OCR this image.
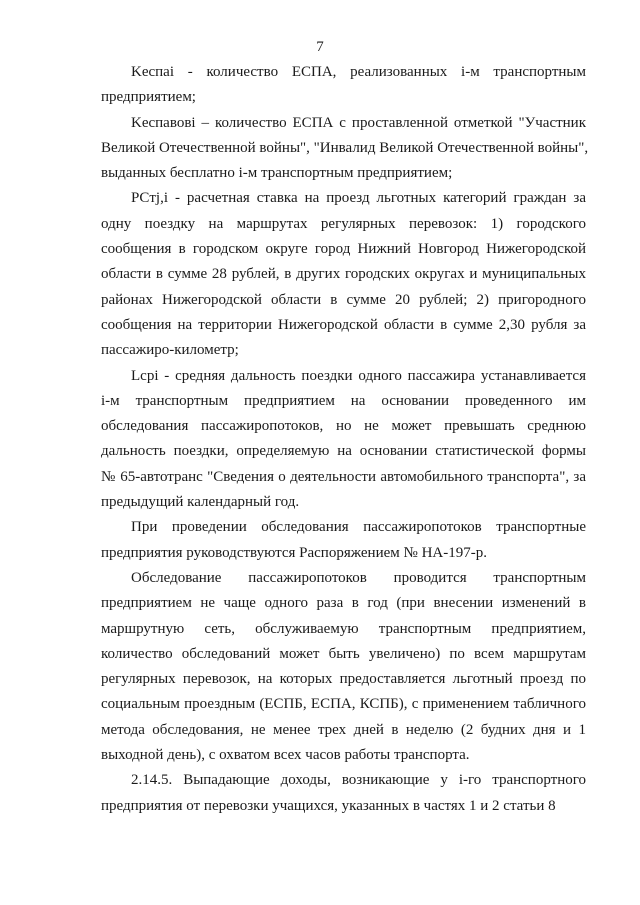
7
Kecпai - количество ЕСПА, реализованных i-м транспортным
предприятием;
Keспавовi – количество ЕСПА с проставленной отметкой "Участник
Великой Отечественной войны", "Инвалид Великой Отечественной войны",
выданных бесплатно i-м транспортным предприятием;
PCтj,i - расчетная ставка на проезд льготных категорий граждан за
одну поездку на маршрутах регулярных перевозок: 1) городского
сообщения в городском округе город Нижний Новгород Нижегородской
области в сумме 28 рублей, в других городских округах и муниципальных
районах Нижегородской области в сумме 20 рублей; 2) пригородного
сообщения на территории Нижегородской области в сумме 2,30 рубля за
пассажиро-километр;
Lсрi - средняя дальность поездки одного пассажира устанавливается
i-м транспортным предприятием на основании проведенного им
обследования пассажиропотоков, но не может превышать среднюю
дальность поездки, определяемую на основании статистической формы
№ 65-автотранс "Сведения о деятельности автомобильного транспорта", за
предыдущий календарный год.
При проведении обследования пассажиропотоков транспортные
предприятия руководствуются Распоряжением № НА-197-р.
Обследование пассажиропотоков проводится транспортным
предприятием не чаще одного раза в год (при внесении изменений в
маршрутную сеть, обслуживаемую транспортным предприятием,
количество обследований может быть увеличено) по всем маршрутам
регулярных перевозок, на которых предоставляется льготный проезд по
социальным проездным (ЕСПБ, ЕСПА, КСПБ), с применением табличного
метода обследования, не менее трех дней в неделю (2 будних дня и 1
выходной день), с охватом всех часов работы транспорта.
2.14.5. Выпадающие доходы, возникающие у i-го транспортного
предприятия от перевозки учащихся, указанных в частях 1 и 2 статьи 8
